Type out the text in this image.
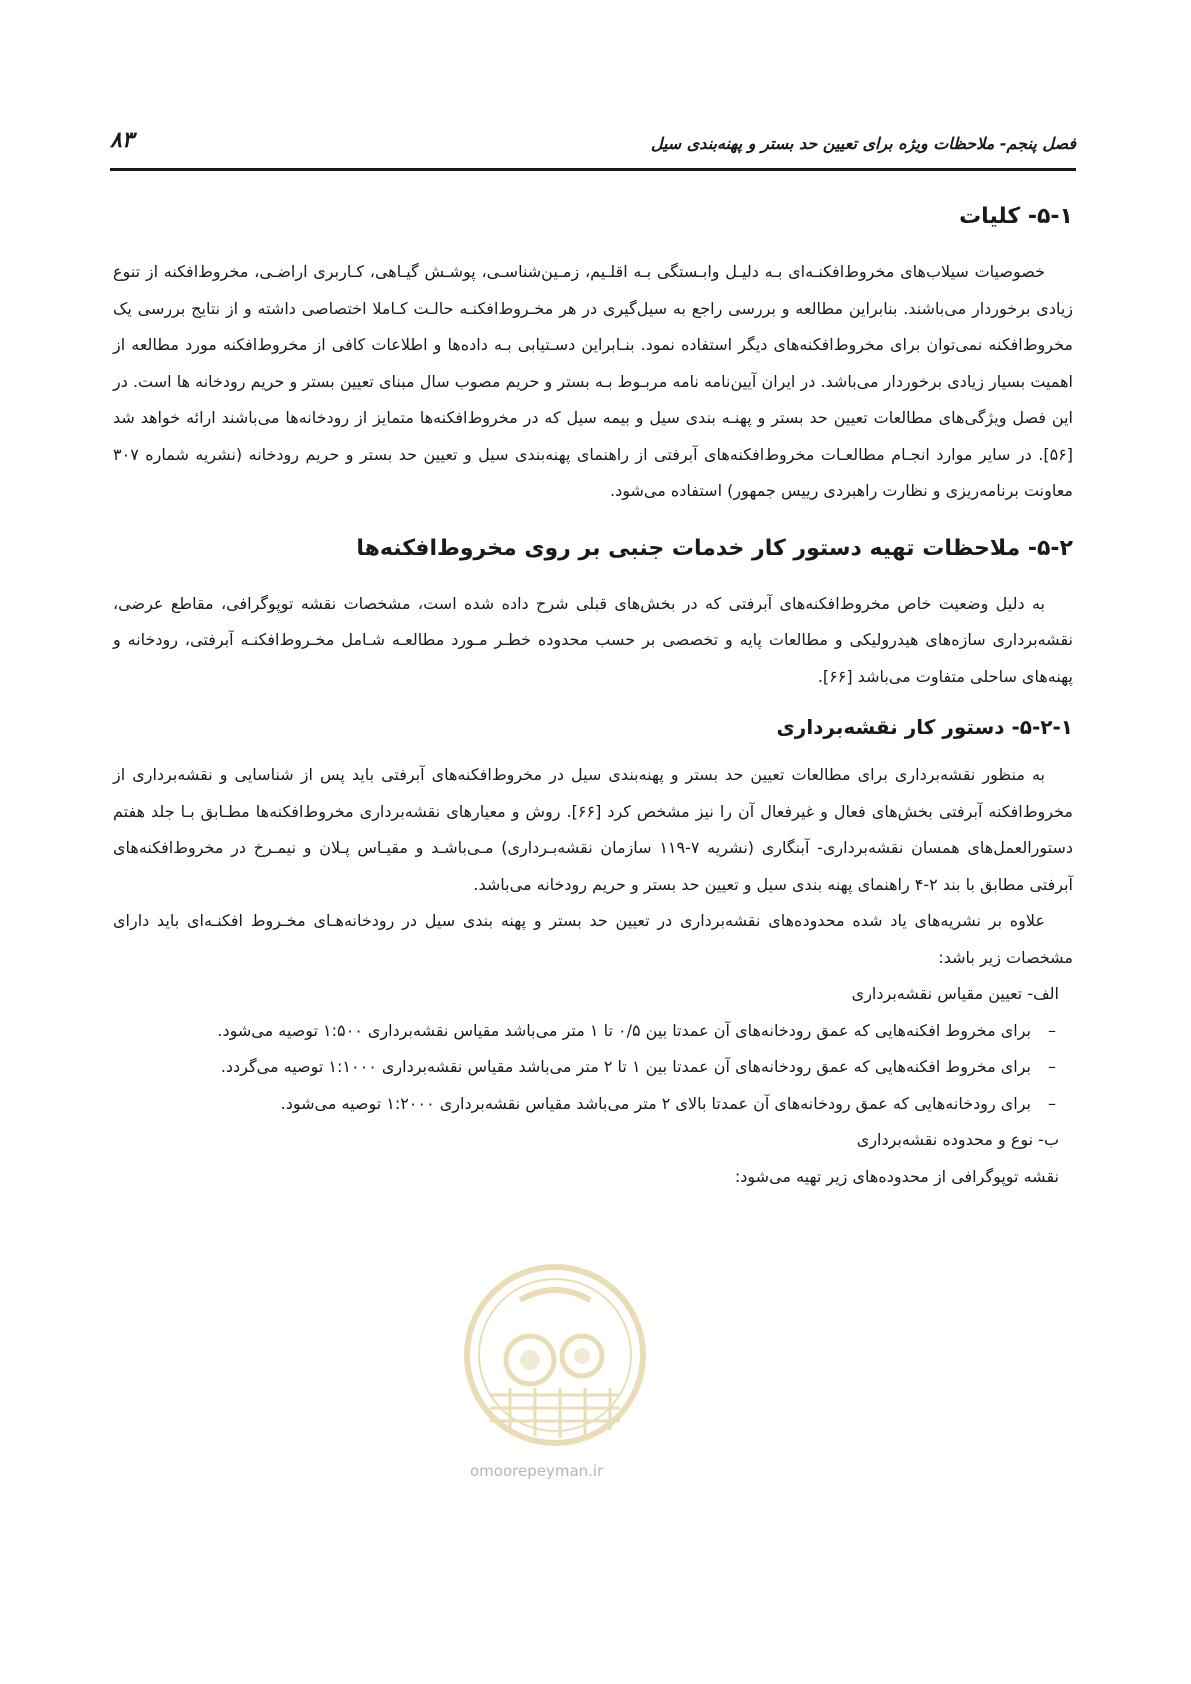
فصل پنجم- ملاحظات ویژه برای تعیین حد بستر و پهنه‌بندی سیل
۸۳
۵-۱- کلیات

خصوصیات سیلاب‌های مخروط‌افکنـه‌ای بـه دلیـل وابـستگی بـه اقلـیم، زمـین‌شناسـی، پوشـش گیـاهی، کـاربری اراضـی، مخروط‌افکنه از تنوع زیادی برخوردار می‌باشند. بنابراین مطالعه و بررسی راجع به سیل‌گیری در هر مخـروط‌افکنـه حالـت کـاملا اختصاصی داشته و از نتایج بررسی یک مخروط‌افکنه نمی‌توان برای مخروط‌افکنه‌های دیگر استفاده نمود. بنـابراین دسـتیابی بـه داده‌ها و اطلاعات کافی از مخروط‌افکنه مورد مطالعه از اهمیت بسیار زیادی برخوردار می‌باشد. در ایران آیین‌نامه نامه مربـوط بـه بستر و حریم مصوب سال مبنای تعیین بستر و حریم رودخانه ها است. در این فصل ویژگی‌های مطالعات تعیین حد بستر و پهنـه بندی سیل و بیمه سیل که در مخروط‌افکنه‌ها متمایز از رودخانه‌ها می‌باشند ارائه خواهد شد [۵۶]. در سایر موارد انجـام مطالعـات مخروط‌افکنه‌های آبرفتی از راهنمای پهنه‌بندی سیل و تعیین حد بستر و حریم رودخانه (نشریه شماره ۳۰۷ معاونت برنامه‌ریزی و نظارت راهبردی رییس جمهور) استفاده می‌شود.

۵-۲- ملاحظات تهیه دستور کار خدمات جنبی بر روی مخروط‌افکنه‌ها

به دلیل وضعیت خاص مخروط‌افکنه‌های آبرفتی که در بخش‌های قبلی شرح داده شده است، مشخصات نقشه توپوگرافی، مقاطع عرضی، نقشه‌برداری سازه‌های هیدرولیکی و مطالعات پایه و تخصصی بر حسب محدوده خطـر مـورد مطالعـه شـامل مخـروط‌افکنـه آبرفتی، رودخانه و پهنه‌های ساحلی متفاوت می‌باشد [۶۶].

۵-۲-۱- دستور کار نقشه‌برداری

به منظور نقشه‌برداری برای مطالعات تعیین حد بستر و پهنه‌بندی سیل در مخروط‌افکنه‌های آبرفتی باید پس از شناسایی و نقشه‌برداری از مخروط‌افکنه آبرفتی بخش‌های فعال و غیرفعال آن را نیز مشخص کرد [۶۶]. روش و معیارهای نقشه‌برداری مخروط‌افکنه‌ها مطـابق بـا جلد هفتم دستورالعمل‌های همسان نقشه‌برداری- آبنگاری (نشریه ۷-۱۱۹ سازمان نقشه‌بـرداری) مـی‌باشـد و مقیـاس پـلان و نیمـرخ در مخروط‌افکنه‌های آبرفتی مطابق با بند ۲-۴ راهنمای پهنه بندی سیل و تعیین حد بستر و حریم رودخانه می‌باشد.

علاوه بر نشریه‌های یاد شده محدوده‌های نقشه‌برداری در تعیین حد بستر و پهنه بندی سیل در رودخانه‌هـای مخـروط افکنـه‌ای باید دارای مشخصات زیر باشد:

الف- تعیین مقیاس نقشه‌برداری
–
برای مخروط افکنه‌هایی که عمق رودخانه‌های آن عمدتا بین ۰/۵ تا ۱ متر می‌باشد مقیاس نقشه‌برداری ۱:۵۰۰ توصیه می‌شود.
–
برای مخروط افکنه‌هایی که عمق رودخانه‌های آن عمدتا بین ۱ تا ۲ متر می‌باشد مقیاس نقشه‌برداری ۱:۱۰۰۰ توصیه می‌گردد.
–
برای رودخانه‌هایی که عمق رودخانه‌های آن عمدتا بالای ۲ متر می‌باشد مقیاس نقشه‌برداری ۱:۲۰۰۰ توصیه می‌شود.
ب- نوع و محدوده نقشه‌برداری
نقشه توپوگرافی از محدوده‌های زیر تهیه می‌شود:
omoorepeyman.ir
